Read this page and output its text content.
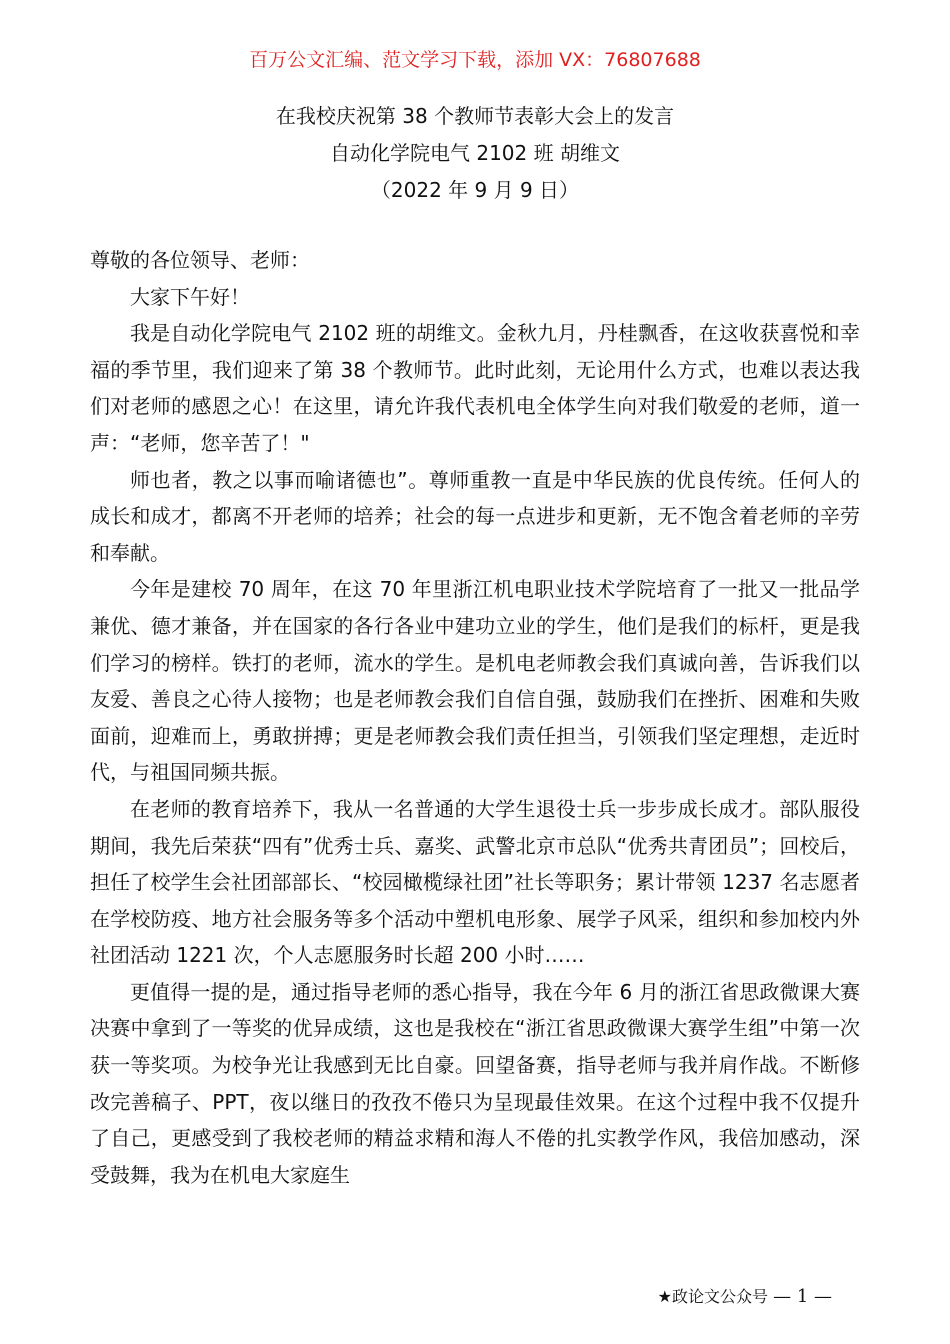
百万公文汇编、范文学习下载，添加 VX：76807688
在我校庆祝第 38 个教师节表彰大会上的发言
自动化学院电气 2102 班 胡维文
（2022 年 9 月 9 日）

尊敬的各位领导、老师：

大家下午好！

我是自动化学院电气 2102 班的胡维文。金秋九月，丹桂飘香，在这收获喜悦和幸福的季节里，我们迎来了第 38 个教师节。此时此刻，无论用什么方式，也难以表达我们对老师的感恩之心！在这里，请允许我代表机电全体学生向对我们敬爱的老师，道一声：“老师，您辛苦了！"

师也者，教之以事而喻诸德也”。尊师重教一直是中华民族的优良传统。任何人的成长和成才，都离不开老师的培养；社会的每一点进步和更新，无不饱含着老师的辛劳和奉献。

今年是建校 70 周年，在这 70 年里浙江机电职业技术学院培育了一批又一批品学兼优、德才兼备，并在国家的各行各业中建功立业的学生，他们是我们的标杆，更是我们学习的榜样。铁打的老师，流水的学生。是机电老师教会我们真诚向善，告诉我们以友爱、善良之心待人接物；也是老师教会我们自信自强，鼓励我们在挫折、困难和失败面前，迎难而上，勇敢拼搏；更是老师教会我们责任担当，引领我们坚定理想，走近时代，与祖国同频共振。

在老师的教育培养下，我从一名普通的大学生退役士兵一步步成长成才。部队服役期间，我先后荣获“四有”优秀士兵、嘉奖、武警北京市总队“优秀共青团员”；回校后，担任了校学生会社团部部长、“校园橄榄绿社团”社长等职务；累计带领 1237 名志愿者在学校防疫、地方社会服务等多个活动中塑机电形象、展学子风采，组织和参加校内外社团活动 1221 次，个人志愿服务时长超 200 小时……

更值得一提的是，通过指导老师的悉心指导，我在今年 6 月的浙江省思政微课大赛决赛中拿到了一等奖的优异成绩，这也是我校在“浙江省思政微课大赛学生组”中第一次获一等奖项。为校争光让我感到无比自豪。回望备赛，指导老师与我并肩作战。不断修改完善稿子、PPT，夜以继日的孜孜不倦只为呈现最佳效果。在这个过程中我不仅提升了自己，更感受到了我校老师的精益求精和海人不倦的扎实教学作风，我倍加感动，深受鼓舞，我为在机电大家庭生

★政论文公众号 — 1 —
